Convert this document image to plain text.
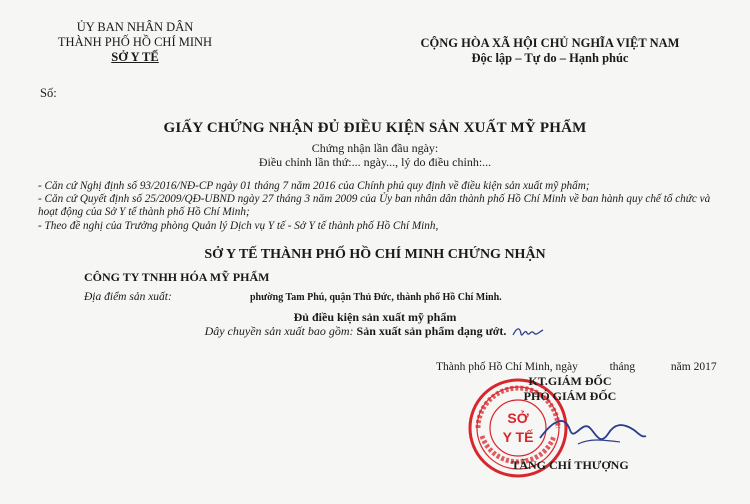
ỦY BAN NHÂN DÂN
THÀNH PHỐ HỒ CHÍ MINH
SỞ Y TẾ
CỘNG HÒA XÃ HỘI CHỦ NGHĨA VIỆT NAM
Độc lập – Tự do – Hạnh phúc
Số:
GIẤY CHỨNG NHẬN ĐỦ ĐIỀU KIỆN SẢN XUẤT MỸ PHẨM
Chứng nhận lần đầu ngày:
Điều chỉnh lần thứ:... ngày..., lý do điều chỉnh:...
- Căn cứ Nghị định số 93/2016/NĐ-CP ngày 01 tháng 7 năm 2016 của Chính phủ quy định về điều kiện sản xuất mỹ phẩm;
- Căn cứ Quyết định số 25/2009/QĐ-UBND ngày 27 tháng 3 năm 2009 của Ủy ban nhân dân thành phố Hồ Chí Minh về ban hành quy chế tổ chức và hoạt động của Sở Y tế thành phố Hồ Chí Minh;
- Theo đề nghị của Trưởng phòng Quản lý Dịch vụ Y tế - Sở Y tế thành phố Hồ Chí Minh,
SỞ Y TẾ THÀNH PHỐ HỒ CHÍ MINH CHỨNG NHẬN
CÔNG TY TNHH HÓA MỸ PHẨM
Địa điểm sản xuất:	phường Tam Phú, quận Thủ Đức, thành phố Hồ Chí Minh.
Đủ điều kiện sản xuất mỹ phẩm
Dây chuyền sản xuất bao gồm: Sản xuất sản phẩm dạng ướt.
Thành phố Hồ Chí Minh, ngày	tháng	năm 2017
SỞ
Y TẾ
KT.GIÁM ĐỐC
PHÓ GIÁM ĐỐC
TĂNG CHÍ THƯỢNG
